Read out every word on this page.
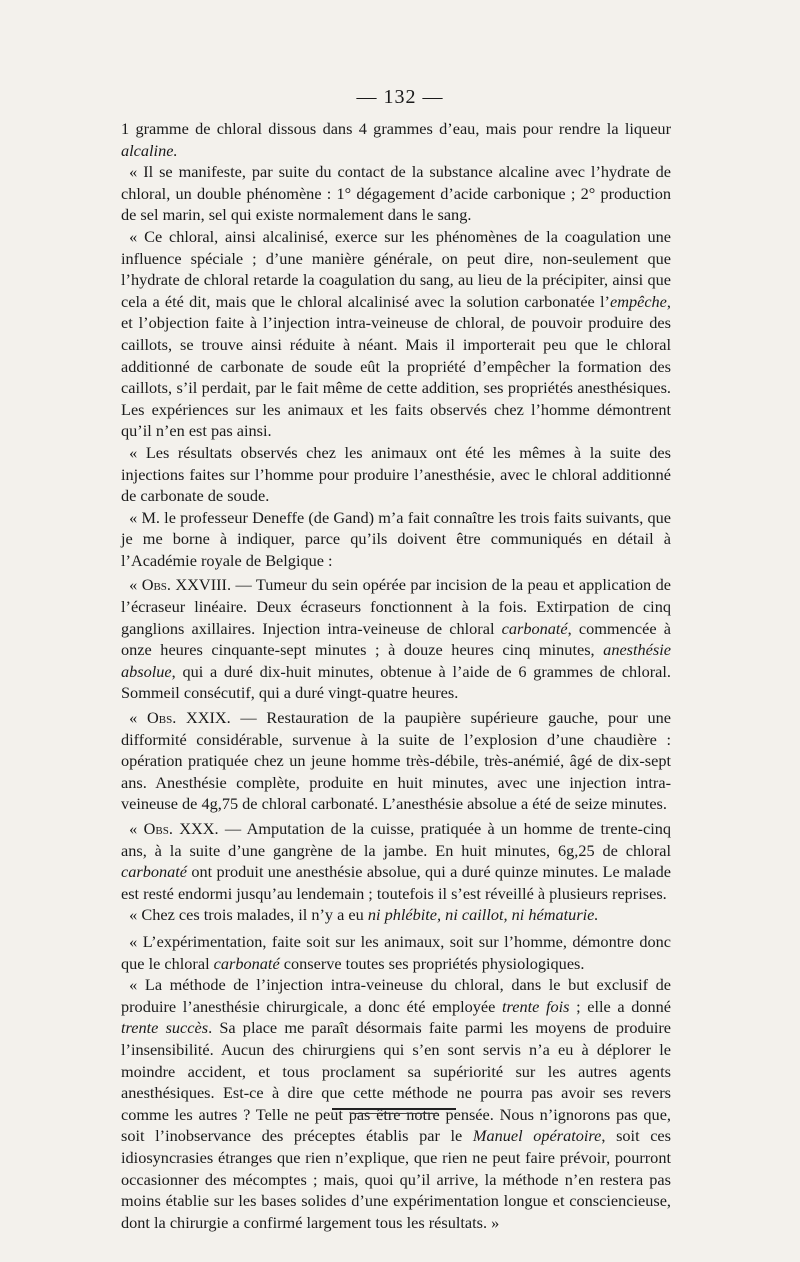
— 132 —

1 gramme de chloral dissous dans 4 grammes d’eau, mais pour rendre la liqueur alcaline.

« Il se manifeste, par suite du contact de la substance alcaline avec l’hydrate de chloral, un double phénomène : 1° dégagement d’acide carbonique ; 2° production de sel marin, sel qui existe normalement dans le sang.

« Ce chloral, ainsi alcalinisé, exerce sur les phénomènes de la coagulation une influence spéciale ; d’une manière générale, on peut dire, non-seulement que l’hydrate de chloral retarde la coagulation du sang, au lieu de la précipiter, ainsi que cela a été dit, mais que le chloral alcalinisé avec la solution carbonatée l’empêche, et l’objection faite à l’injection intra-veineuse de chloral, de pouvoir produire des caillots, se trouve ainsi réduite à néant. Mais il importerait peu que le chloral additionné de carbonate de soude eût la propriété d’empêcher la formation des caillots, s’il perdait, par le fait même de cette addition, ses propriétés anesthésiques. Les expériences sur les animaux et les faits observés chez l’homme démontrent qu’il n’en est pas ainsi.

« Les résultats observés chez les animaux ont été les mêmes à la suite des injections faites sur l’homme pour produire l’anesthésie, avec le chloral additionné de carbonate de soude.

« M. le professeur Deneffe (de Gand) m’a fait connaître les trois faits suivants, que je me borne à indiquer, parce qu’ils doivent être communiqués en détail à l’Académie royale de Belgique :

« Obs. XXVIII. — Tumeur du sein opérée par incision de la peau et application de l’écraseur linéaire. Deux écraseurs fonctionnent à la fois. Extirpation de cinq ganglions axillaires. Injection intra-veineuse de chloral carbonaté, commencée à onze heures cinquante-sept minutes ; à douze heures cinq minutes, anesthésie absolue, qui a duré dix-huit minutes, obtenue à l’aide de 6 grammes de chloral. Sommeil consécutif, qui a duré vingt-quatre heures.

« Obs. XXIX. — Restauration de la paupière supérieure gauche, pour une difformité considérable, survenue à la suite de l’explosion d’une chaudière : opération pratiquée chez un jeune homme très-débile, très-anémié, âgé de dix-sept ans. Anesthésie complète, produite en huit minutes, avec une injection intra-veineuse de 4g,75 de chloral carbonaté. L’anesthésie absolue a été de seize minutes.

« Obs. XXX. — Amputation de la cuisse, pratiquée à un homme de trente-cinq ans, à la suite d’une gangrène de la jambe. En huit minutes, 6g,25 de chloral carbonaté ont produit une anesthésie absolue, qui a duré quinze minutes. Le malade est resté endormi jusqu’au lendemain ; toutefois il s’est réveillé à plusieurs reprises.

« Chez ces trois malades, il n’y a eu ni phlébite, ni caillot, ni hématurie.

« L’expérimentation, faite soit sur les animaux, soit sur l’homme, démontre donc que le chloral carbonaté conserve toutes ses propriétés physiologiques.

« La méthode de l’injection intra-veineuse du chloral, dans le but exclusif de produire l’anesthésie chirurgicale, a donc été employée trente fois ; elle a donné trente succès. Sa place me paraît désormais faite parmi les moyens de produire l’insensibilité. Aucun des chirurgiens qui s’en sont servis n’a eu à déplorer le moindre accident, et tous proclament sa supériorité sur les autres agents anesthésiques. Est-ce à dire que cette méthode ne pourra pas avoir ses revers comme les autres ? Telle ne peut pas être notre pensée. Nous n’ignorons pas que, soit l’inobservance des préceptes établis par le Manuel opératoire, soit ces idiosyncrasies étranges que rien n’explique, que rien ne peut faire prévoir, pourront occasionner des mécomptes ; mais, quoi qu’il arrive, la méthode n’en restera pas moins établie sur les bases solides d’une expérimentation longue et consciencieuse, dont la chirurgie a confirmé largement tous les résultats. »
